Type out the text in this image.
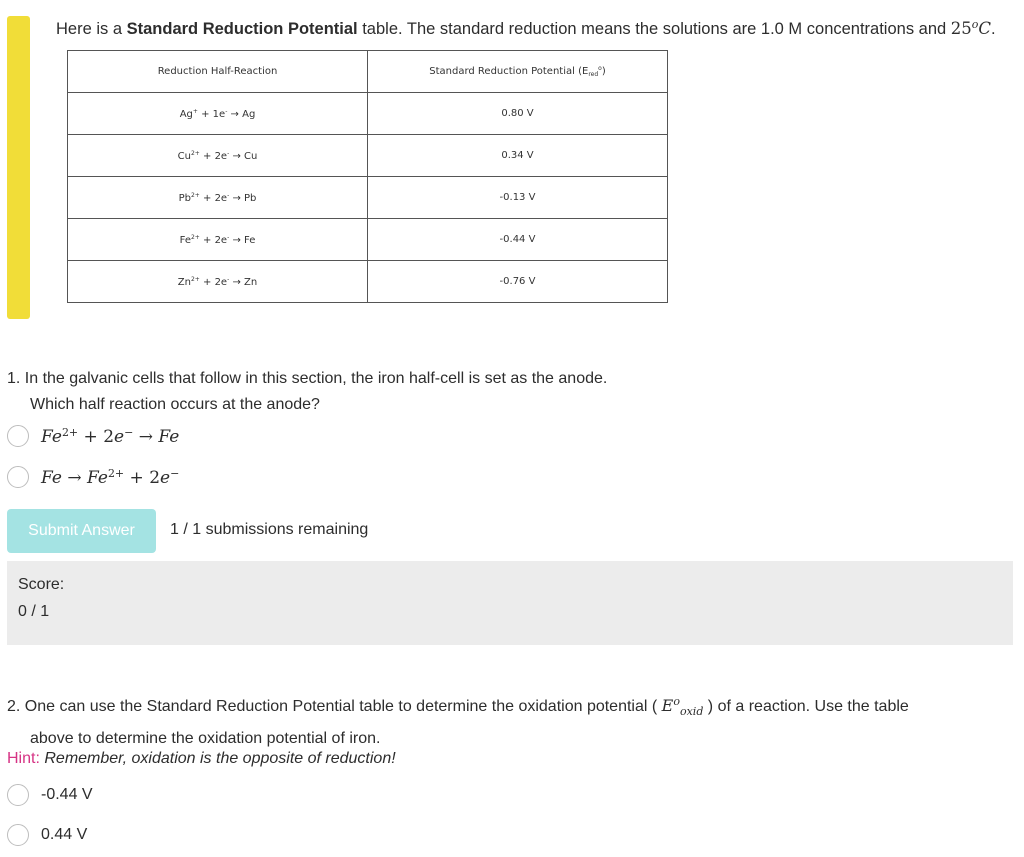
Here is a Standard Reduction Potential table. The standard reduction means the solutions are 1.0 M concentrations and 25$^o$C.
Reduction Half-Reaction	Standard Reduction Potential $(E_{red}^o)$
Ag+ + 1e- → Ag	0.80 V
$Cu^{2+} + 2e^- \to Cu$	0.34 V
$Pb^{2+} + 2e^- \to Pb$	-0.13 V
$Fe^{2+} + 2e^- \to Fe$	-0.44 V
$Zn^{2+} + 2e^- \to Zn$	-0.76 V
1. In the galvanic cells that follow in this section, the iron half-cell is set as the anode.
Which half reaction occurs at the anode?
$Fe^{2+} + 2e^- \to Fe$
$Fe \to Fe^{2+} + 2e^-$
Submit Answer	1 / 1 submissions remaining
Score:
0 / 1
2. One can use the Standard Reduction Potential table to determine the oxidation potential ( $E^o_{oxid}$ ) of a reaction. Use the table
above to determine the oxidation potential of iron.
Hint: Remember, oxidation is the opposite of reduction!
-0.44 V
0.44 V
